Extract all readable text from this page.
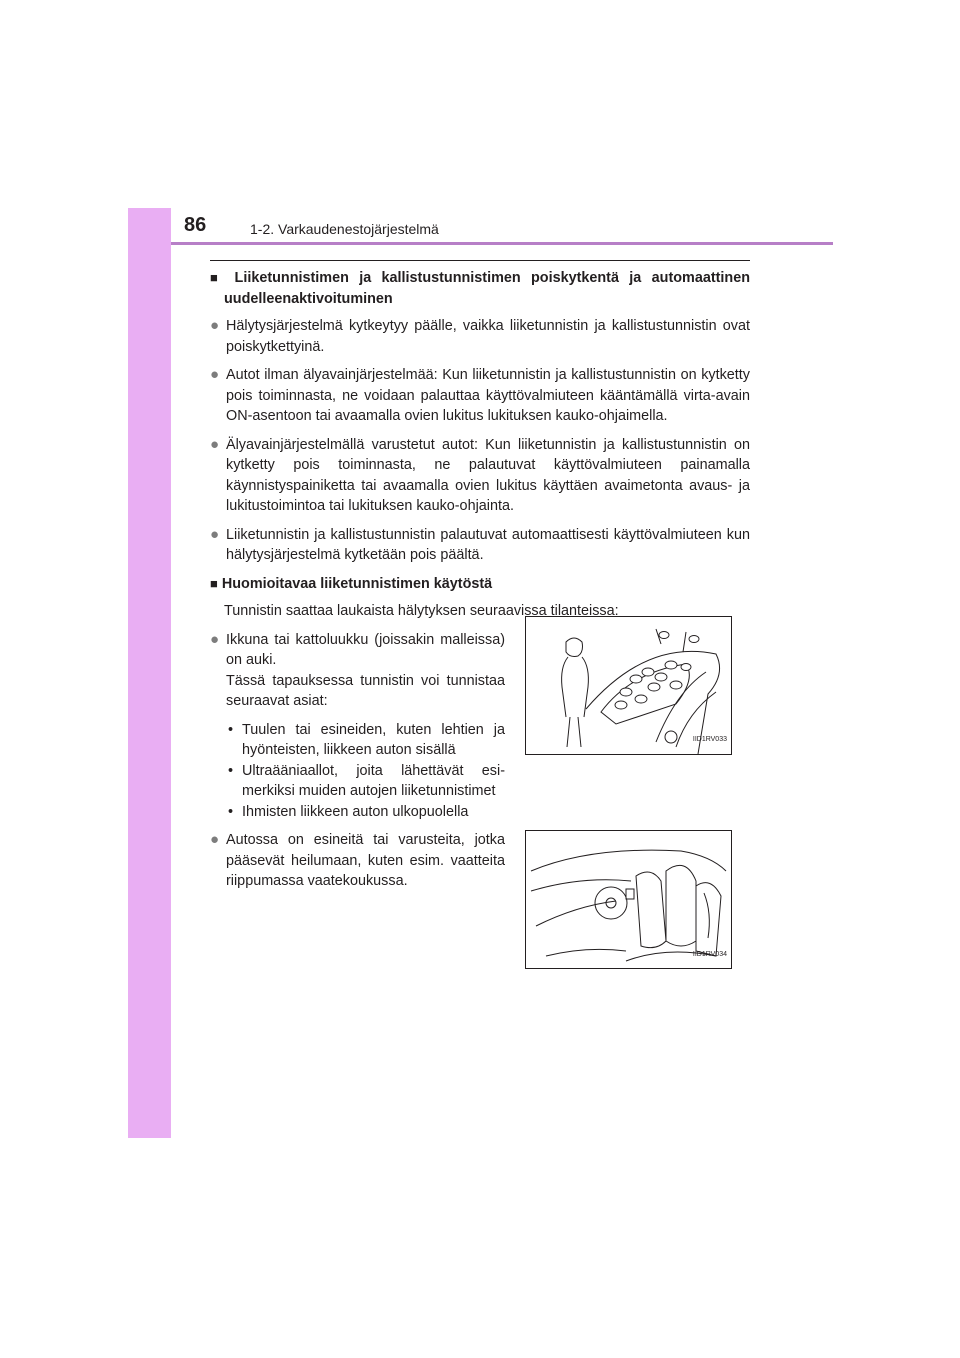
86	1-2. Varkaudenestojärjestelmä

■ Liiketunnistimen ja kallistustunnistimen poiskytkentä ja automaattinen uudelleenaktivoituminen

● Hälytysjärjestelmä kytkeytyy päälle, vaikka liiketunnistin ja kallistustunnistin ovat poiskytkettyinä.

● Autot ilman älyavainjärjestelmää: Kun liiketunnistin ja kallistustunnistin on kytketty pois toiminnasta, ne voidaan palauttaa käyttövalmiuteen kääntämällä virta-avain ON-asentoon tai avaamalla ovien lukitus lukituksen kauko-ohjaimella.

● Älyavainjärjestelmällä varustetut autot: Kun liiketunnistin ja kallistustunnistin on kytketty pois toiminnasta, ne palautuvat käyttövalmiuteen painamalla käynnistyspainiketta tai avaamalla ovien lukitus käyttäen avaimetonta avaus- ja lukitustoimintoa tai lukituksen kauko-ohjainta.

● Liiketunnistin ja kallistustunnistin palautuvat automaattisesti käyttövalmiuteen kun hälytysjärjestelmä kytketään pois päältä.

■ Huomioitavaa liiketunnistimen käytöstä

Tunnistin saattaa laukaista hälytyksen seuraavissa tilanteissa:

● Ikkuna tai kattoluukku (joissakin malleissa) on auki.
Tässä tapauksessa tunnistin voi tunnistaa seuraavat asiat:

• Tuulen tai esineiden, kuten lehtien ja hyönteisten, liikkeen auton sisällä

• Ultraääniaallot, joita lähettävät esimerkiksi muiden autojen liiketunnistimet

• Ihmisten liikkeen auton ulkopuolella

IID1RV033

● Autossa on esineitä tai varusteita, jotka pääsevät heilumaan, kuten esim. vaatteita riippumassa vaatekoukussa.

IID1RV034
